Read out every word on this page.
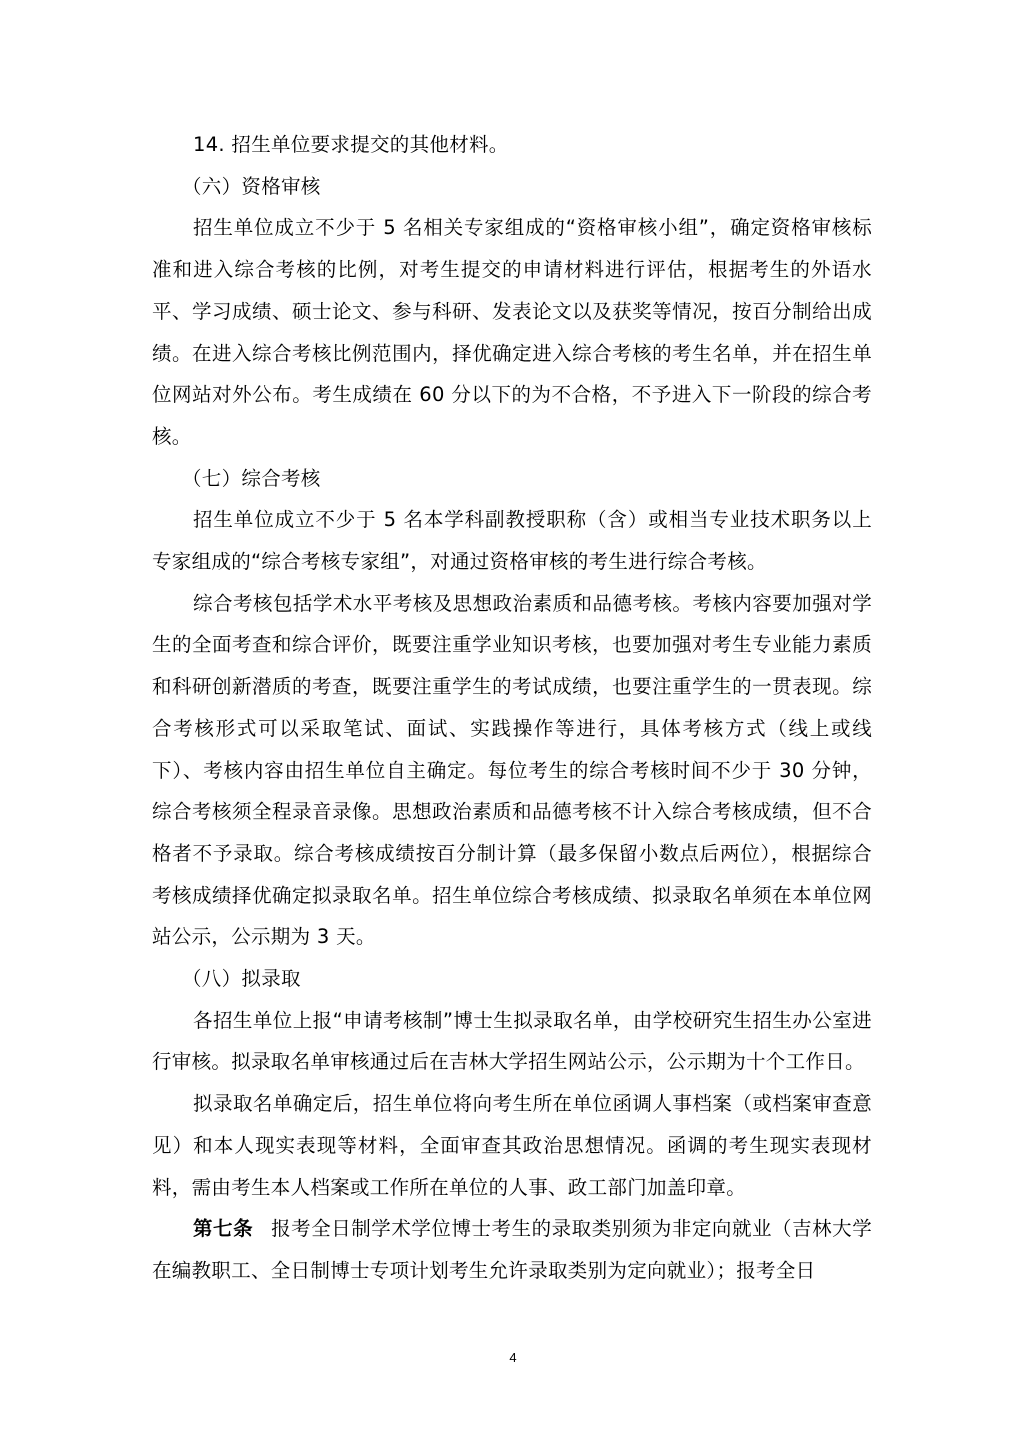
14. 招生单位要求提交的其他材料。

（六）资格审核

招生单位成立不少于 5 名相关专家组成的“资格审核小组”，确定资格审核标准和进入综合考核的比例，对考生提交的申请材料进行评估，根据考生的外语水平、学习成绩、硕士论文、参与科研、发表论文以及获奖等情况，按百分制给出成绩。在进入综合考核比例范围内，择优确定进入综合考核的考生名单，并在招生单位网站对外公布。考生成绩在 60 分以下的为不合格，不予进入下一阶段的综合考核。

（七）综合考核

招生单位成立不少于 5 名本学科副教授职称（含）或相当专业技术职务以上专家组成的“综合考核专家组”，对通过资格审核的考生进行综合考核。

综合考核包括学术水平考核及思想政治素质和品德考核。考核内容要加强对学生的全面考查和综合评价，既要注重学业知识考核，也要加强对考生专业能力素质和科研创新潜质的考查，既要注重学生的考试成绩，也要注重学生的一贯表现。综合考核形式可以采取笔试、面试、实践操作等进行，具体考核方式（线上或线下）、考核内容由招生单位自主确定。每位考生的综合考核时间不少于 30 分钟，综合考核须全程录音录像。思想政治素质和品德考核不计入综合考核成绩，但不合格者不予录取。综合考核成绩按百分制计算（最多保留小数点后两位），根据综合考核成绩择优确定拟录取名单。招生单位综合考核成绩、拟录取名单须在本单位网站公示，公示期为 3 天。

（八）拟录取

各招生单位上报“申请考核制”博士生拟录取名单，由学校研究生招生办公室进行审核。拟录取名单审核通过后在吉林大学招生网站公示，公示期为十个工作日。

拟录取名单确定后，招生单位将向考生所在单位函调人事档案（或档案审查意见）和本人现实表现等材料，全面审查其政治思想情况。函调的考生现实表现材料，需由考生本人档案或工作所在单位的人事、政工部门加盖印章。

第七条 报考全日制学术学位博士考生的录取类别须为非定向就业（吉林大学在编教职工、全日制博士专项计划考生允许录取类别为定向就业）；报考全日

4
